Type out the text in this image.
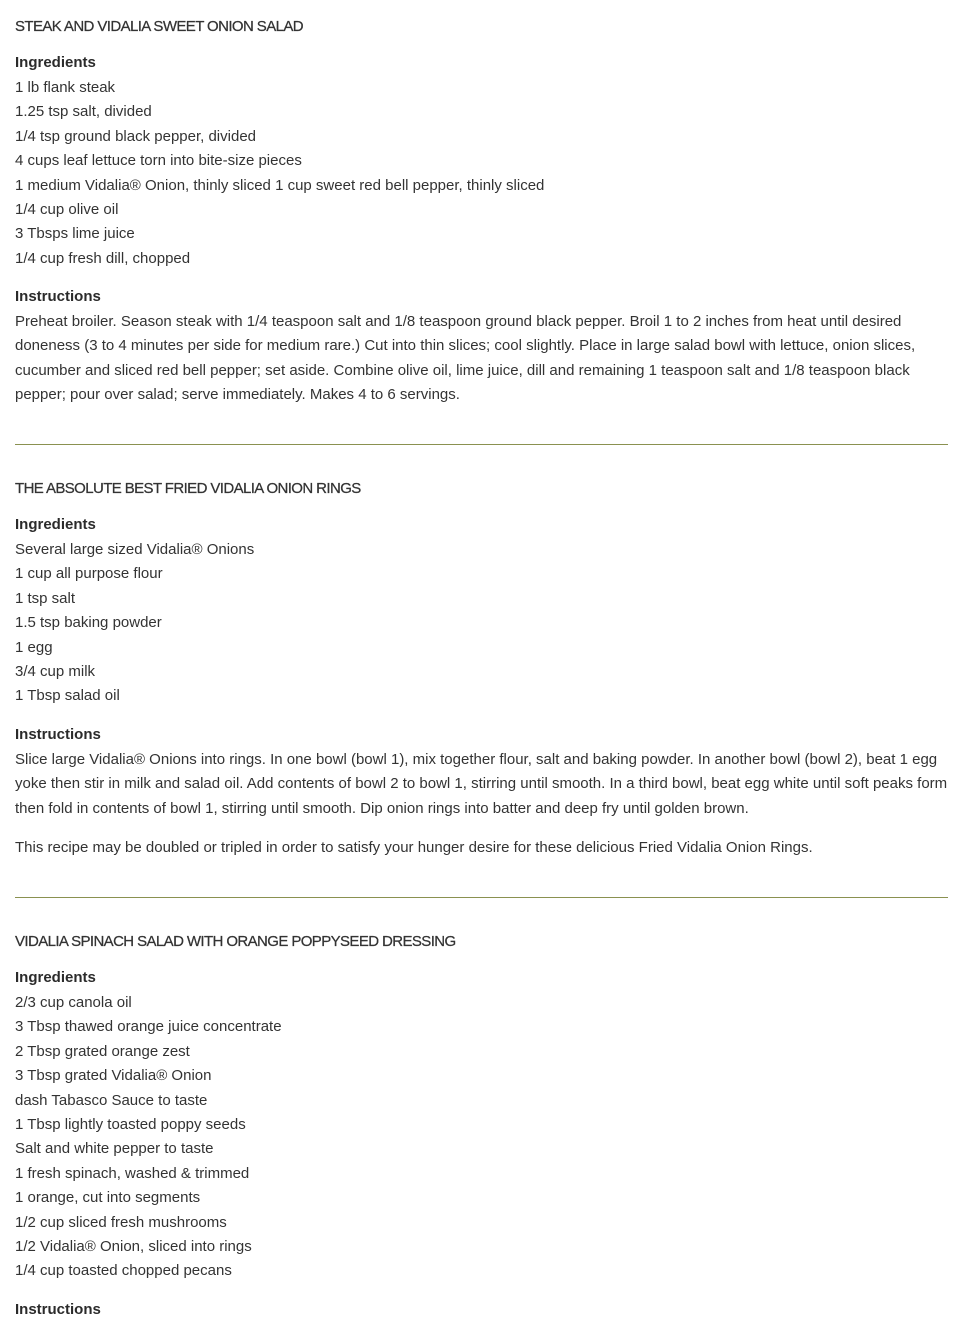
STEAK AND VIDALIA SWEET ONION SALAD
Ingredients
1 lb flank steak
1.25 tsp salt, divided
1/4 tsp ground black pepper, divided
4 cups leaf lettuce torn into bite-size pieces
1 medium Vidalia® Onion, thinly sliced 1 cup sweet red bell pepper, thinly sliced
1/4 cup olive oil
3 Tbsps lime juice
1/4 cup fresh dill, chopped
Instructions

Preheat broiler. Season steak with 1/4 teaspoon salt and 1/8 teaspoon ground black pepper. Broil 1 to 2 inches from heat until desired doneness (3 to 4 minutes per side for medium rare.) Cut into thin slices; cool slightly. Place in large salad bowl with lettuce, onion slices, cucumber and sliced red bell pepper; set aside. Combine olive oil, lime juice, dill and remaining 1 teaspoon salt and 1/8 teaspoon black pepper; pour over salad; serve immediately. Makes 4 to 6 servings.

THE ABSOLUTE BEST FRIED VIDALIA ONION RINGS
Ingredients
Several large sized Vidalia® Onions
1 cup all purpose flour
1 tsp salt
1.5 tsp baking powder
1 egg
3/4 cup milk
1 Tbsp salad oil
Instructions

Slice large Vidalia® Onions into rings. In one bowl (bowl 1), mix together flour, salt and baking powder. In another bowl (bowl 2), beat 1 egg yoke then stir in milk and salad oil. Add contents of bowl 2 to bowl 1, stirring until smooth. In a third bowl, beat egg white until soft peaks form then fold in contents of bowl 1, stirring until smooth. Dip onion rings into batter and deep fry until golden brown.

This recipe may be doubled or tripled in order to satisfy your hunger desire for these delicious Fried Vidalia Onion Rings.

VIDALIA SPINACH SALAD WITH ORANGE POPPYSEED DRESSING
Ingredients
2/3 cup canola oil
3 Tbsp thawed orange juice concentrate
2 Tbsp grated orange zest
3 Tbsp grated Vidalia® Onion
dash Tabasco Sauce to taste
1 Tbsp lightly toasted poppy seeds
Salt and white pepper to taste
1 fresh spinach, washed & trimmed
1 orange, cut into segments
1/2 cup sliced fresh mushrooms
1/2 Vidalia® Onion, sliced into rings
1/4 cup toasted chopped pecans
Instructions
